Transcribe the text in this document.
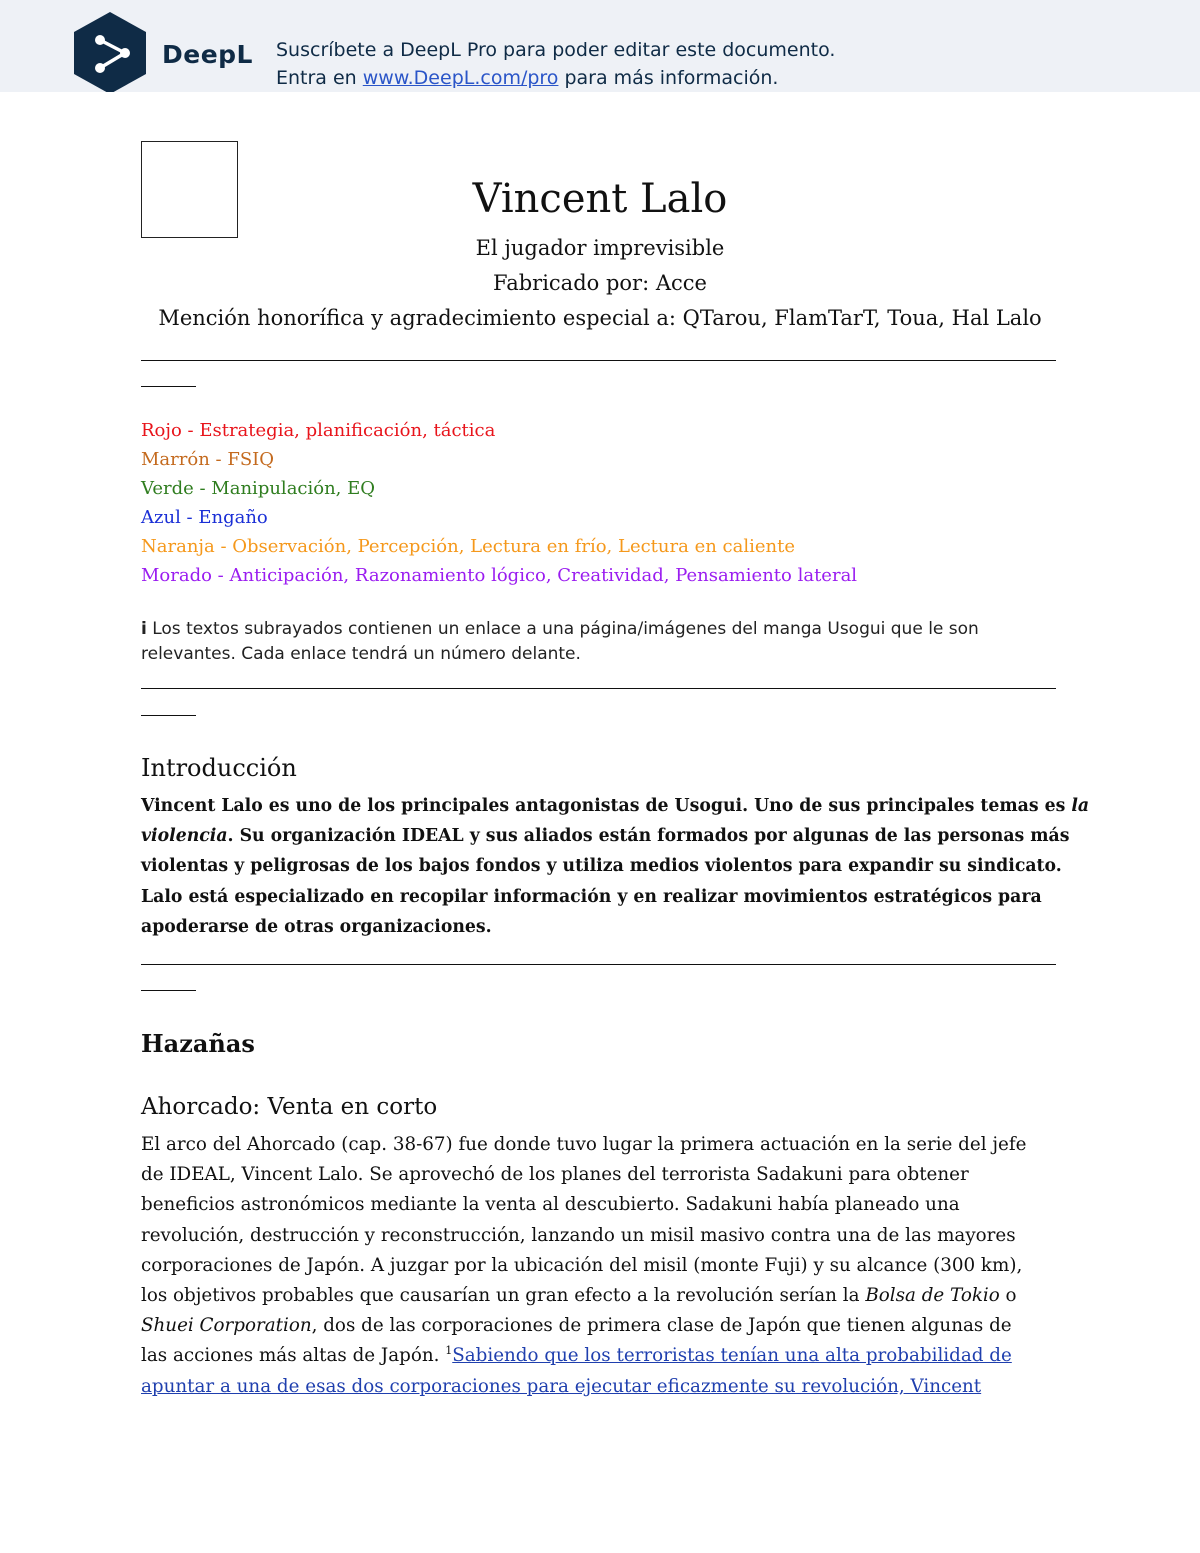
DeepL Suscríbete a DeepL Pro para poder editar este documento.
Entra en www.DeepL.com/pro para más información.
Vincent Lalo
El jugador imprevisible
Fabricado por: Acce
Mención honorífica y agradecimiento especial a: QTarou, FlamTarT, Toua, Hal Lalo
Rojo - Estrategia, planificación, táctica
Marrón - FSIQ
Verde - Manipulación, EQ
Azul - Engaño
Naranja - Observación, Percepción, Lectura en frío, Lectura en caliente
Morado - Anticipación, Razonamiento lógico, Creatividad, Pensamiento lateral
i Los textos subrayados contienen un enlace a una página/imágenes del manga Usogui que le son
relevantes. Cada enlace tendrá un número delante.
Introducción
Vincent Lalo es uno de los principales antagonistas de Usogui. Uno de sus principales temas es la
violencia. Su organización IDEAL y sus aliados están formados por algunas de las personas más
violentas y peligrosas de los bajos fondos y utiliza medios violentos para expandir su sindicato.
Lalo está especializado en recopilar información y en realizar movimientos estratégicos para
apoderarse de otras organizaciones.
Hazañas
Ahorcado: Venta en corto
El arco del Ahorcado (cap. 38-67) fue donde tuvo lugar la primera actuación en la serie del jefe
de IDEAL, Vincent Lalo. Se aprovechó de los planes del terrorista Sadakuni para obtener
beneficios astronómicos mediante la venta al descubierto. Sadakuni había planeado una
revolución, destrucción y reconstrucción, lanzando un misil masivo contra una de las mayores
corporaciones de Japón. A juzgar por la ubicación del misil (monte Fuji) y su alcance (300 km),
los objetivos probables que causarían un gran efecto a la revolución serían la Bolsa de Tokio o
Shuei Corporation, dos de las corporaciones de primera clase de Japón que tienen algunas de
las acciones más altas de Japón. $^1$Sabiendo que los terroristas tenían una alta probabilidad de
apuntar a una de esas dos corporaciones para ejecutar eficazmente su revolución, Vincent
